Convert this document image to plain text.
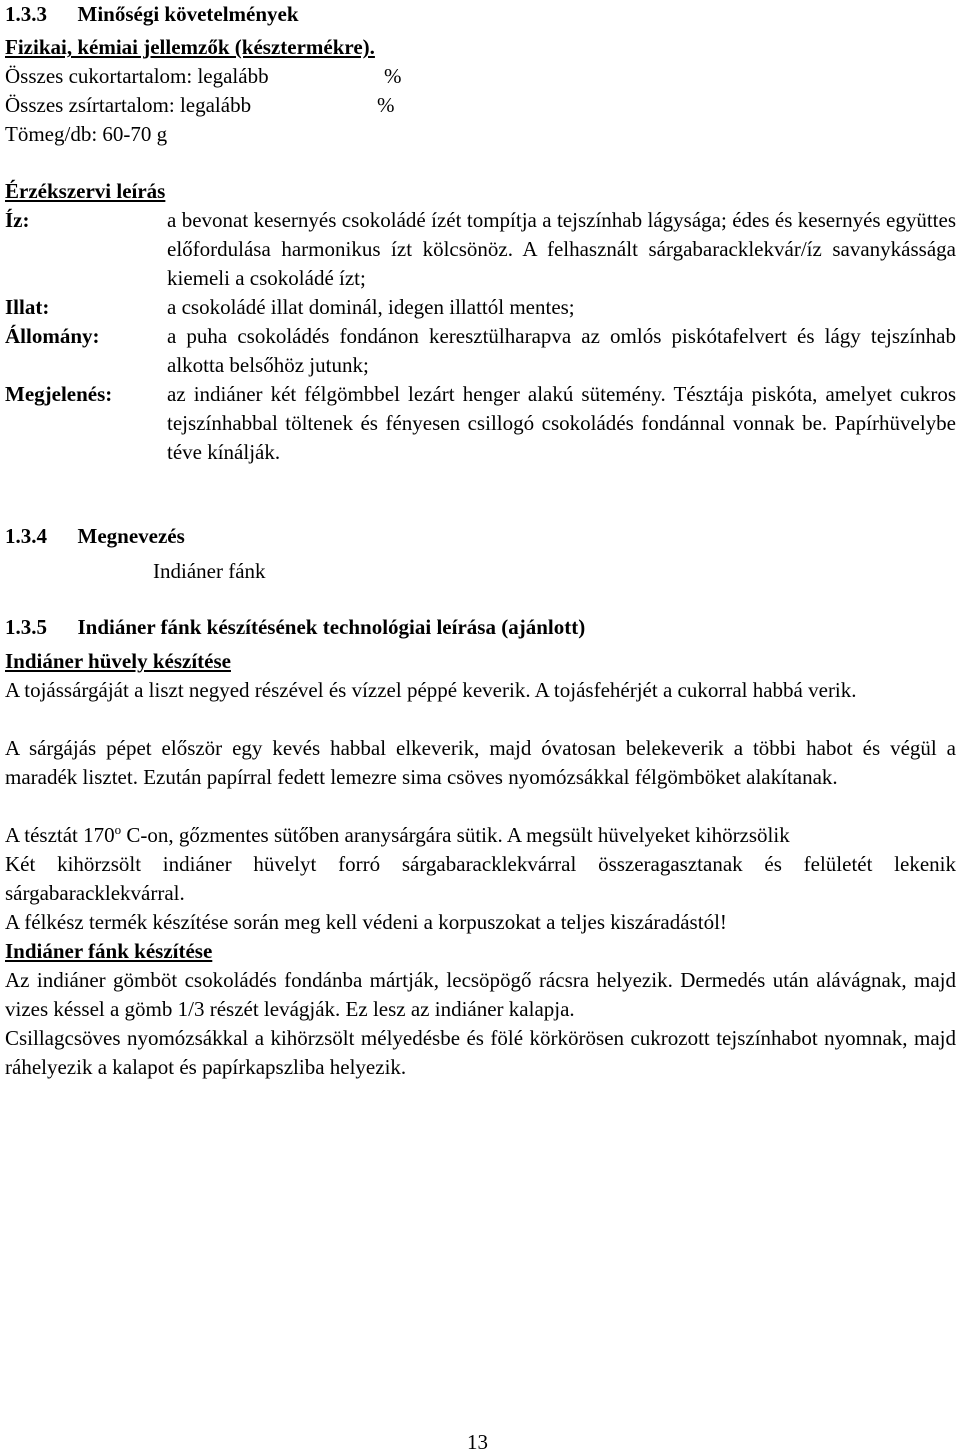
1.3.3 Minőségi követelmények
Fizikai, kémiai jellemzők (késztermékre).
Összes cukortartalom: legalább	%
Összes zsírtartalom: legalább	%
Tömeg/db: 60-70 g
Érzékszervi leírás
Íz:	a bevonat kesernyés csokoládé ízét tompítja a tejszínhab lágysága; édes és kesernyés együttes előfordulása harmonikus ízt kölcsönöz. A felhasznált sárgabaracklekvár/íz savanykássága kiemeli a csokoládé ízt;
Illat:	a csokoládé illat dominál, idegen illattól mentes;
Állomány:	a puha csokoládés fondánon keresztülharapva az omlós piskótafelvert és lágy tejszínhab alkotta belsőhöz jutunk;
Megjelenés:	az indiáner két félgömbbel lezárt henger alakú sütemény. Tésztája piskóta, amelyet cukros tejszínhabbal töltenek és fényesen csillogó csokoládés fondánnal vonnak be. Papírhüvelybe téve kínálják.
1.3.4 Megnevezés
Indiáner fánk
1.3.5 Indiáner fánk készítésének technológiai leírása (ajánlott)
Indiáner hüvely készítése
A tojássárgáját a liszt negyed részével és vízzel péppé keverik. A tojásfehérjét a cukorral habbá verik.
A sárgájás pépet először egy kevés habbal elkeverik, majd óvatosan belekeverik a többi habot és végül a maradék lisztet. Ezután papírral fedett lemezre sima csöves nyomózsákkal félgömböket alakítanak.
A tésztát 170$^o$ C-on, gőzmentes sütőben aranysárgára sütik. A megsült hüvelyeket kihörzsölik
Két kihörzsölt indiáner hüvelyt forró sárgabaracklekvárral összeragasztanak és felületét lekenik sárgabaracklekvárral.
A félkész termék készítése során meg kell védeni a korpuszokat a teljes kiszáradástól!
Indiáner fánk készítése
Az indiáner gömböt csokoládés fondánba mártják, lecsöpögő rácsra helyezik. Dermedés után alávágnak, majd vizes késsel a gömb 1/3 részét levágják. Ez lesz az indiáner kalapja.
Csillagcsöves nyomózsákkal a kihörzsölt mélyedésbe és fölé körkörösen cukrozott tejszínhabot nyomnak, majd ráhelyezik a kalapot és papírkapszliba helyezik.
13
